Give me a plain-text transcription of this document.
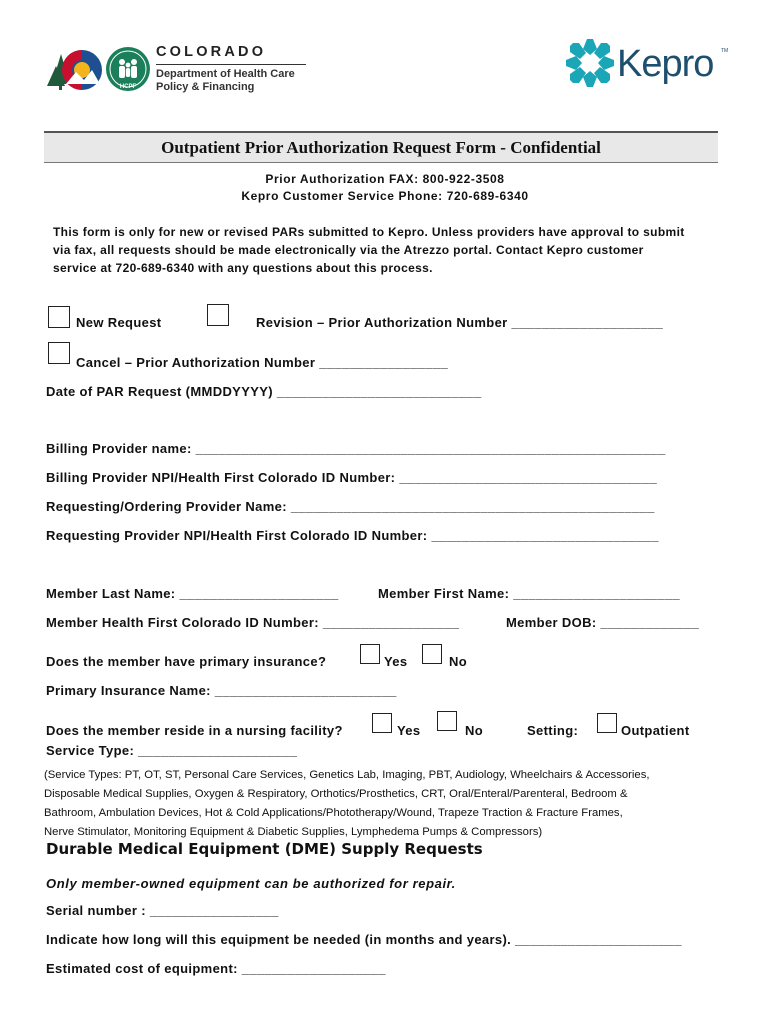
HCPF
COLORADO
Department of Health Care
Policy & Financing
Kepro TM
Outpatient Prior Authorization Request Form - Confidential
Prior Authorization FAX: 800-922-3508
Kepro Customer Service Phone: 720-689-6340
This form is only for new or revised PARs submitted to Kepro. Unless providers have approval to submit
via fax, all requests should be made electronically via the Atrezzo portal. Contact Kepro customer
service at 720-689-6340 with any questions about this process.
New Request	Revision – Prior Authorization Number ____________________
Cancel – Prior Authorization Number _________________
Date of PAR Request (MMDDYYYY) ___________________________
Billing Provider name: ______________________________________________________________
Billing Provider NPI/Health First Colorado ID Number: __________________________________
Requesting/Ordering Provider Name: ________________________________________________
Requesting Provider NPI/Health First Colorado ID Number: ______________________________
Member Last Name: _____________________	Member First Name: ______________________
Member Health First Colorado ID Number: __________________	Member DOB: _____________
Does the member have primary insurance?	Yes	No
Primary Insurance Name: ________________________
Does the member reside in a nursing facility?	Yes	No	Setting:	Outpatient
Service Type: _____________________
(Service Types: PT, OT, ST, Personal Care Services, Genetics Lab, Imaging, PBT, Audiology, Wheelchairs & Accessories,
Disposable Medical Supplies, Oxygen & Respiratory, Orthotics/Prosthetics, CRT, Oral/Enteral/Parenteral, Bedroom &
Bathroom, Ambulation Devices, Hot & Cold Applications/Phototherapy/Wound, Trapeze Traction & Fracture Frames,
Nerve Stimulator, Monitoring Equipment & Diabetic Supplies, Lymphedema Pumps & Compressors)
Durable Medical Equipment (DME) Supply Requests
Only member-owned equipment can be authorized for repair.
Serial number : _________________
Indicate how long will this equipment be needed (in months and years). ______________________
Estimated cost of equipment: ___________________
